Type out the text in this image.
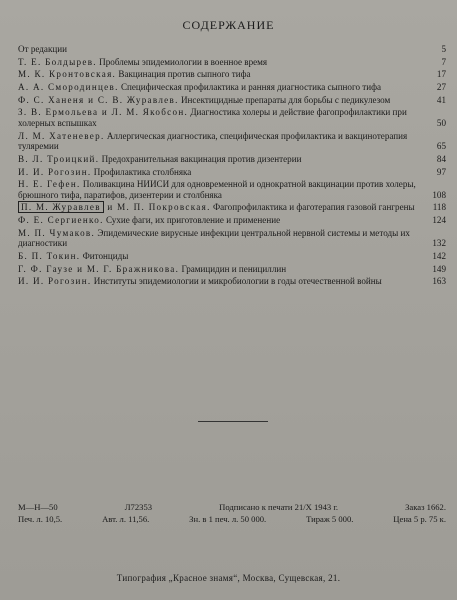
СОДЕРЖАНИЕ
От редакции	5
Т. Е. Болдырев. Проблемы эпидемиологии в военное время	7
М. К. Кронтовская. Вакцинация против сыпного тифа	17
А. А. Смородинцев. Специфическая профилактика и ранняя диагностика сыпного тифа	27
Ф. С. Ханеня и С. В. Журавлев. Инсектицидные препараты для борьбы с педикулезом	41
З. В. Ермольева и Л. М. Якобсон. Диагностика холеры и действие фагопрофилактики при холерных вспышках	50
Л. М. Хатеневер. Аллергическая диагностика, специфическая профилактика и вакцинотерапия туляремии	65
В. Л. Троицкий. Предохранительная вакцинация против дизентерии	84
И. И. Рогозин. Профилактика столбняка	97
Н. Е. Гефен. Поливакцина НИИСИ для одновременной и однократной вакцинации против холеры, брюшного тифа, паратифов, дизентерии и столбняка	108
П. М. Журавлев и М. П. Покровская. Фагопрофилактика и фаготерапия газовой гангрены	118
Ф. Е. Сергиенко. Сухие фаги, их приготовление и применение	124
М. П. Чумаков. Эпидемические вирусные инфекции центральной нервной системы и методы их диагностики	132
Б. П. Токин. Фитонциды	142
Г. Ф. Гаузе и М. Г. Бражникова. Грамицидин и пенициллин	149
И. И. Рогозин. Институты эпидемиологии и микробиологии в годы отечественной войны	163
М—Н—50	Л72353	Подписано к печати 21/X 1943 г.	Заказ 1662.
Печ. л. 10,5.	Авт. л. 11,56.	Зн. в 1 печ. л. 50 000.	Тираж 5 000.	Цена 5 р. 75 к.
Типография „Красное знамя“, Москва, Сущевская, 21.
